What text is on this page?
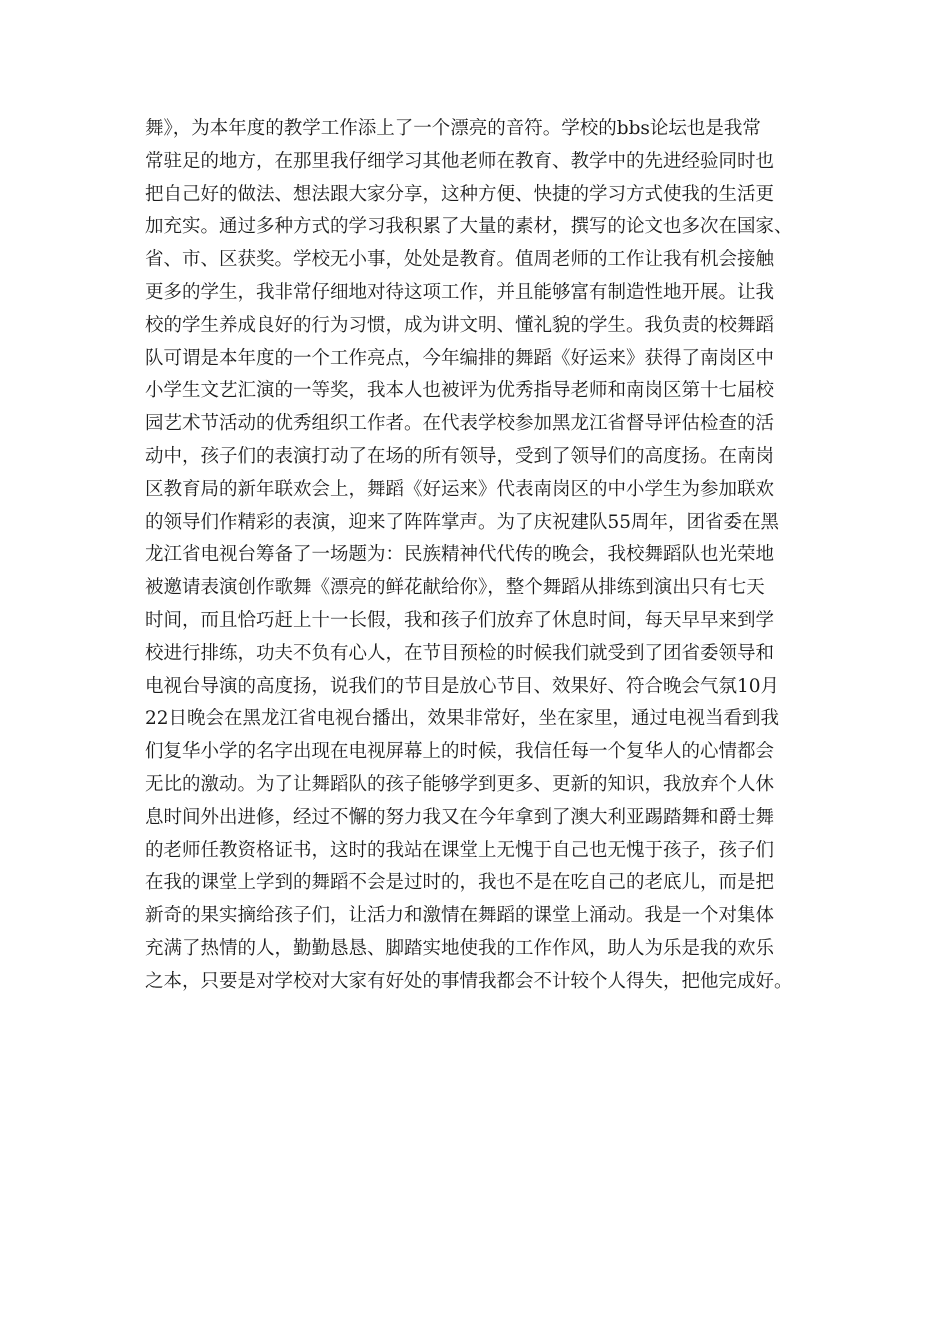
舞》，为本年度的教学工作添上了一个漂亮的音符。学校的bbs论坛也是我常
常驻足的地方，在那里我仔细学习其他老师在教育、教学中的先进经验同时也
把自己好的做法、想法跟大家分享，这种方便、快捷的学习方式使我的生活更
加充实。通过多种方式的学习我积累了大量的素材，撰写的论文也多次在国家、
省、市、区获奖。学校无小事，处处是教育。值周老师的工作让我有机会接触
更多的学生，我非常仔细地对待这项工作，并且能够富有制造性地开展。让我
校的学生养成良好的行为习惯，成为讲文明、懂礼貌的学生。我负责的校舞蹈
队可谓是本年度的一个工作亮点，今年编排的舞蹈《好运来》获得了南岗区中
小学生文艺汇演的一等奖，我本人也被评为优秀指导老师和南岗区第十七届校
园艺术节活动的优秀组织工作者。在代表学校参加黑龙江省督导评估检查的活
动中，孩子们的表演打动了在场的所有领导，受到了领导们的高度扬。在南岗
区教育局的新年联欢会上，舞蹈《好运来》代表南岗区的中小学生为参加联欢
的领导们作精彩的表演，迎来了阵阵掌声。为了庆祝建队55周年，团省委在黑
龙江省电视台筹备了一场题为：民族精神代代传的晚会，我校舞蹈队也光荣地
被邀请表演创作歌舞《漂亮的鲜花献给你》，整个舞蹈从排练到演出只有七天
时间，而且恰巧赶上十一长假，我和孩子们放弃了休息时间，每天早早来到学
校进行排练，功夫不负有心人，在节目预检的时候我们就受到了团省委领导和
电视台导演的高度扬，说我们的节目是放心节目、效果好、符合晚会气氛10月
22日晚会在黑龙江省电视台播出，效果非常好，坐在家里，通过电视当看到我
们复华小学的名字出现在电视屏幕上的时候，我信任每一个复华人的心情都会
无比的激动。为了让舞蹈队的孩子能够学到更多、更新的知识，我放弃个人休
息时间外出进修，经过不懈的努力我又在今年拿到了澳大利亚踢踏舞和爵士舞
的老师任教资格证书，这时的我站在课堂上无愧于自己也无愧于孩子，孩子们
在我的课堂上学到的舞蹈不会是过时的，我也不是在吃自己的老底儿，而是把
新奇的果实摘给孩子们，让活力和激情在舞蹈的课堂上涌动。我是一个对集体
充满了热情的人，勤勤恳恳、脚踏实地使我的工作作风，助人为乐是我的欢乐
之本，只要是对学校对大家有好处的事情我都会不计较个人得失，把他完成好。
